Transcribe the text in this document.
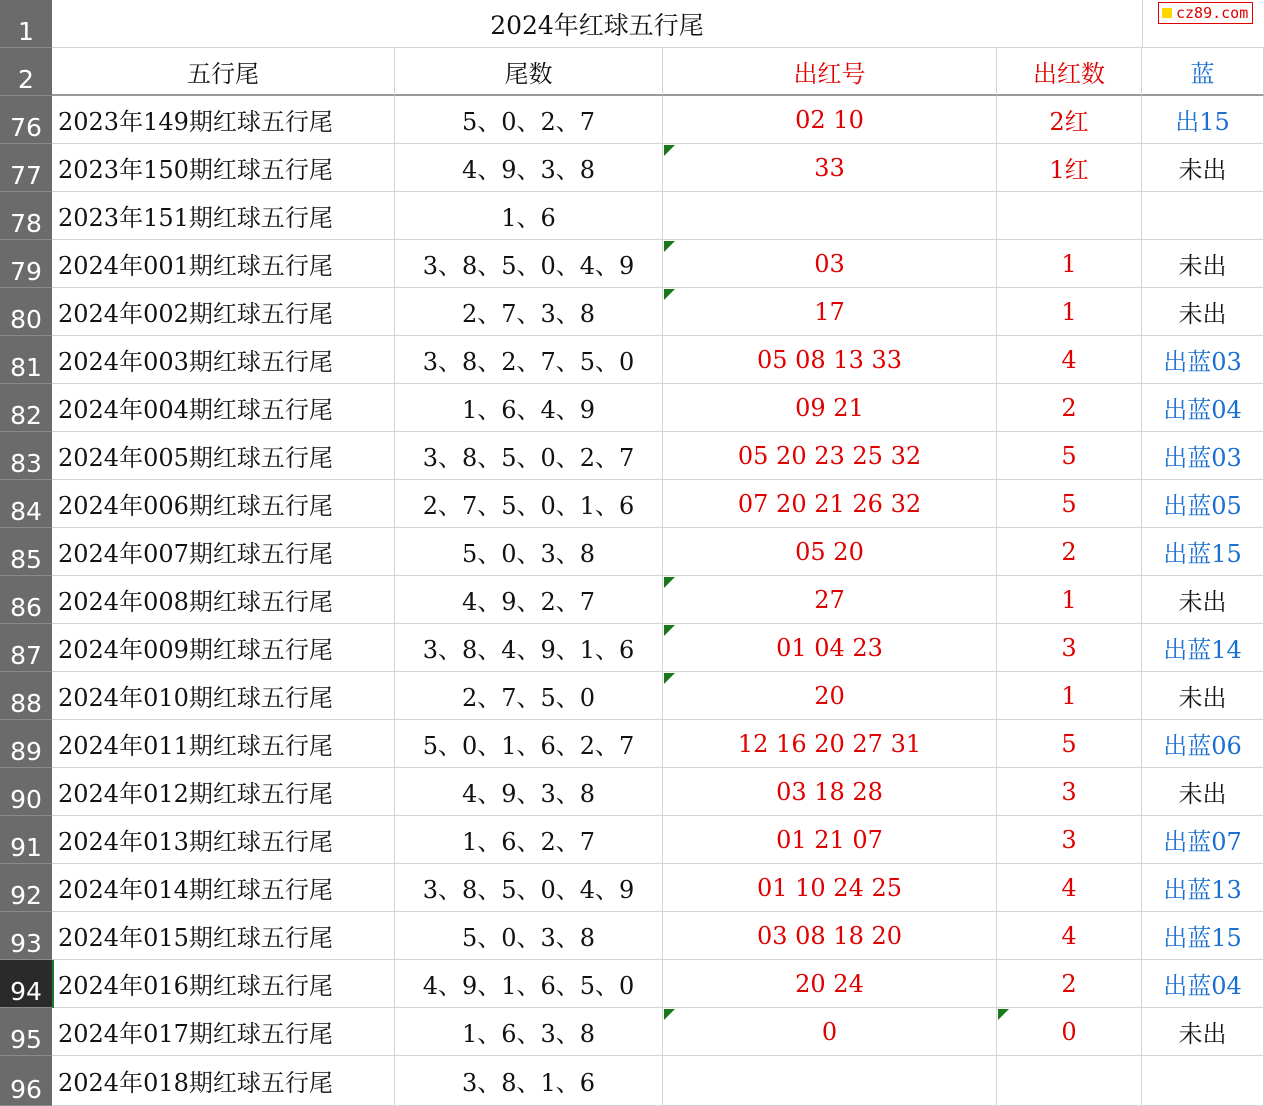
1	2024年红球五行尾	cz89.com
2	五行尾	尾数	出红号	出红数	蓝
76 2023年149期红球五行尾	5、0、2、7	02 10	2红	出15
77 2023年150期红球五行尾	4、9、3、8	33	1红	未出
78 2023年151期红球五行尾	1、6
79 2024年001期红球五行尾	3、8、5、0、4、9	03	1	未出
80 2024年002期红球五行尾	2、7、3、8	17	1	未出
81 2024年003期红球五行尾	3、8、2、7、5、0	05 08 13 33	4	出蓝03
82 2024年004期红球五行尾	1、6、4、9	09 21	2	出蓝04
83 2024年005期红球五行尾	3、8、5、0、2、7	05 20 23 25 32	5	出蓝03
84 2024年006期红球五行尾	2、7、5、0、1、6	07 20 21 26 32	5	出蓝05
85 2024年007期红球五行尾	5、0、3、8	05 20	2	出蓝15
86 2024年008期红球五行尾	4、9、2、7	27	1	未出
87 2024年009期红球五行尾	3、8、4、9、1、6	01 04 23	3	出蓝14
88 2024年010期红球五行尾	2、7、5、0	20	1	未出
89 2024年011期红球五行尾	5、0、1、6、2、7	12 16 20 27 31	5	出蓝06
90 2024年012期红球五行尾	4、9、3、8	03 18 28	3	未出
91 2024年013期红球五行尾	1、6、2、7	01 21 07	3	出蓝07
92 2024年014期红球五行尾	3、8、5、0、4、9	01 10 24 25	4	出蓝13
93 2024年015期红球五行尾	5、0、3、8	03 08 18 20	4	出蓝15
94 2024年016期红球五行尾	4、9、1、6、5、0	20 24	2	出蓝04
95 2024年017期红球五行尾	1、6、3、8	0	0	未出
96 2024年018期红球五行尾	3、8、1、6
